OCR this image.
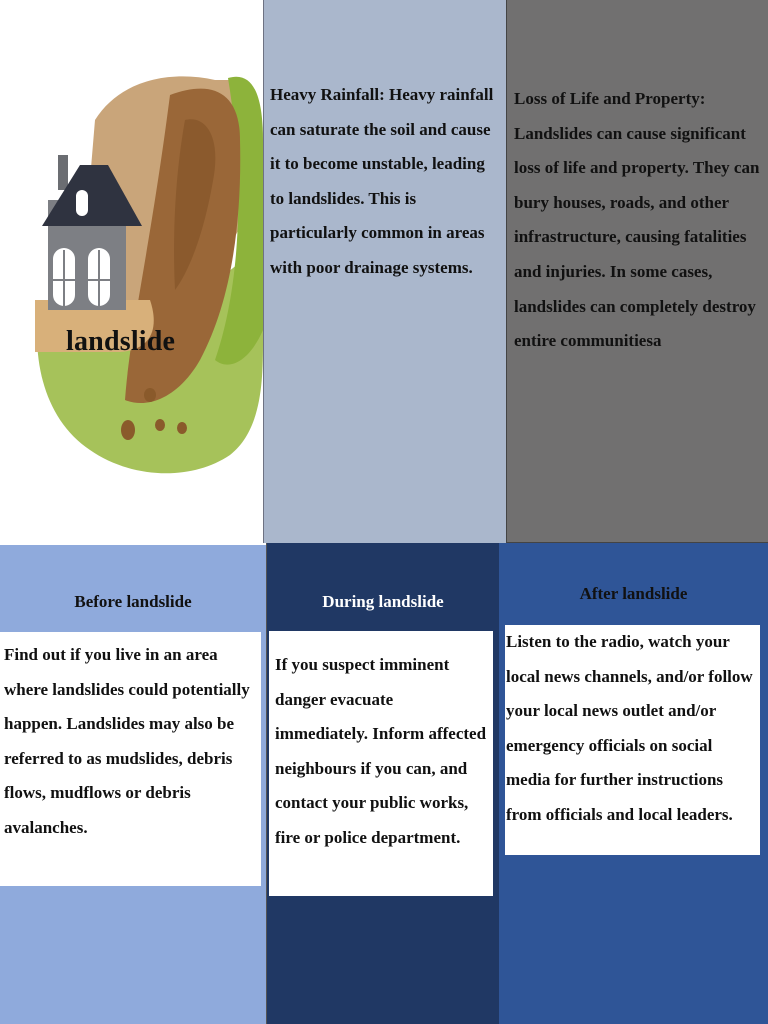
landslide

Heavy Rainfall: Heavy rainfall can saturate the soil and cause it to become unstable, leading to landslides. This is particularly common in areas with poor drainage systems.

Loss of Life and Property: Landslides can cause significant loss of life and property. They can bury houses, roads, and other infrastructure, causing fatalities and injuries. In some cases, landslides can completely destroy entire communitiesa

Before landslide
Find out if you live in an area where landslides could potentially happen. Landslides may also be referred to as mudslides, debris flows, mudflows or debris avalanches.
During landslide
If you suspect imminent danger evacuate immediately. Inform affected neighbours if you can, and contact your public works, fire or police department.
After landslide
Listen to the radio, watch your local news channels, and/or follow your local news outlet and/or emergency officials on social media for further instructions from officials and local leaders.
